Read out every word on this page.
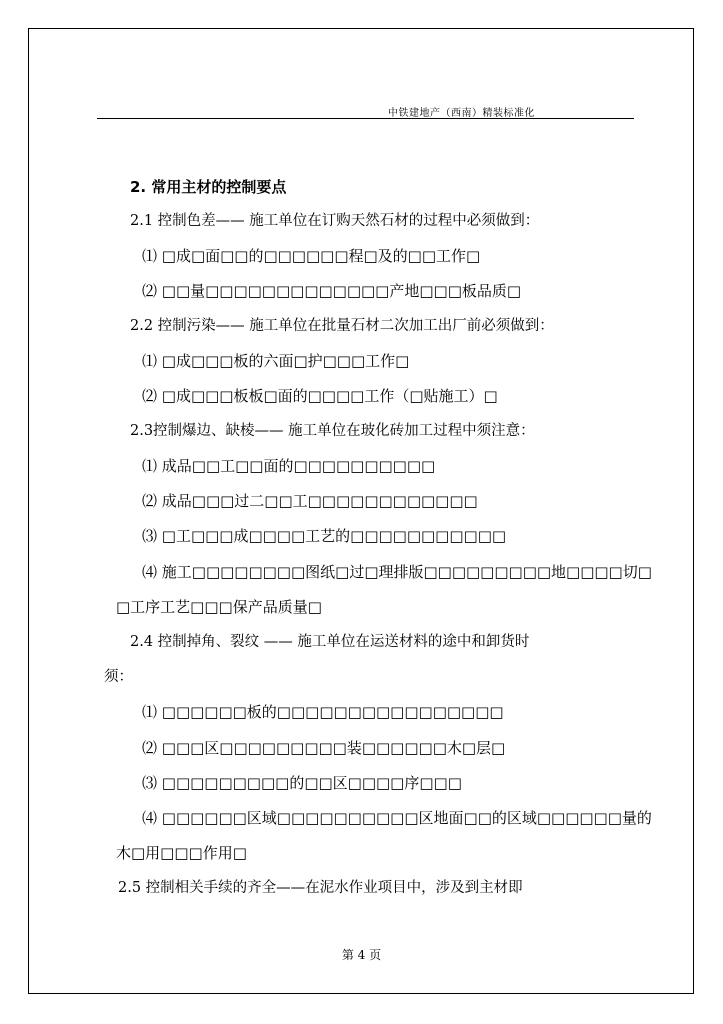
中铁建地产（西南）精装标准化
2. 常用主材的控制要点
2.1 控制色差—— 施工单位在订购天然石材的过程中必须做到：
⑴ □成□面□□的□□□□□□程□及的□□工作□
⑵ □□量□□□□□□□□□□□□□产地□□□板品质□
2.2 控制污染—— 施工单位在批量石材二次加工出厂前必须做到：
⑴ □成□□□板的六面□护□□□工作□
⑵ □成□□□板板□面的□□□□工作（□贴施工）□
2.3控制爆边、缺棱—— 施工单位在玻化砖加工过程中须注意：
⑴ 成品□□工□□面的□□□□□□□□□□
⑵ 成品□□□过二□□工□□□□□□□□□□□□
⑶ □工□□□成□□□□工艺的□□□□□□□□□□□
⑷ 施工□□□□□□□□图纸□过□理排版□□□□□□□□□地□□□□切□
□工序工艺□□□保产品质量□
2.4 控制掉角、裂纹 —— 施工单位在运送材料的途中和卸货时
须：
⑴ □□□□□□板的□□□□□□□□□□□□□□□□
⑵ □□□区□□□□□□□□□装□□□□□□木□层□
⑶ □□□□□□□□□的□□区□□□□序□□□
⑷ □□□□□□区域□□□□□□□□□□区地面□□的区域□□□□□□量的
木□用□□□作用□
2.5 控制相关手续的齐全——在泥水作业项目中，涉及到主材即
第 4 页
